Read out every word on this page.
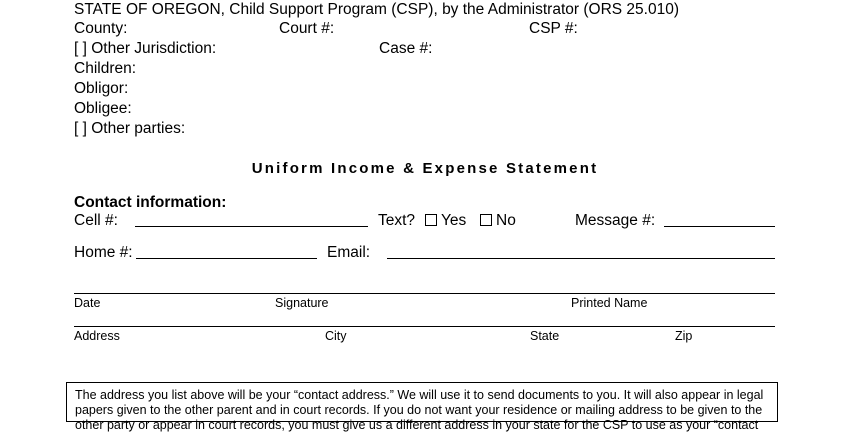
STATE OF OREGON, Child Support Program (CSP), by the Administrator (ORS 25.010)
County:	Court #:	CSP #:
[ ] Other Jurisdiction:	Case #:
Children:
Obligor:
Obligee:
[ ] Other parties:
Uniform Income & Expense Statement
Contact information:
Cell #:	Text?	Yes	No	Message #:
Home #:	Email:
Date	Signature	Printed Name
Address	City	State	Zip
The address you list above will be your “contact address.” We will use it to send documents to you. It will also appear in legal papers given to the other parent and in court records. If you do not want your residence or mailing address to be given to the other party or appear in court records, you must give us a different address in your state for the CSP to use as your “contact
